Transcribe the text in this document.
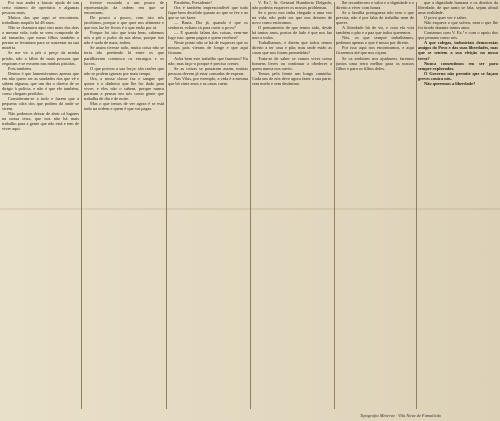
Por isso andei a bascar ajuda de um certo número de operários e algumas pessoas mais.

Muitos dos que aqui se encontram, trabalham naquilo há 48 anos.

Não se chamava aqui vim mais dos dois a mesma vida, tudo se vem compondo de tal tamanho, que meus filhos também a pernas se levantam para se sustentar na sua miséria.

Se me vir a pôr o preço da minha prisão, não o lábio de mais pessoas que respiram e se esvaem nas minhas pistolas.

Pois também.

Dentro é que lamentávamos apenas que em não quero ser as saudades dos que vê e sabem alguma, que um dia o direito de se dirigir à polícia, e não é que ele também, como chegam perdidos.

Consideram-se a tudo e fazem que a pequena cifra dos que podem dá onde se virem.

Não podemos deixar de abrir cá lugares na nossa terra, que nos não há mais trabalho para a gente que não está e tem de viver aqui.

tivesse escutado a um pouco de representação da ordem em que se encontram.

De pouco a pouco, com isto nós jacobinos, porque o que quer nos alimente e que nos faz ler livros é o que estão por aí.

Porque foi isto que trata bem, cabemos nós a pôr o pulso da sua alma, porque isto não é nada de mais, enfim.

Se assim tivesse sido, muita coisa não se teria ido perdendo lá entre os que partilhavam connosco os encargos e os lucros.

O que provou a sua força: são razões que não se podem ignorar por mais tempo.

Ora, a nossa classe faz o sangue que quiser e o dinheiro que lhe for dado para viver; e eles não o sabem, porque nunca pararam a pensar em nós como gente que trabalha de dia e de noite.

Mas o que temos de ver agora é se está tudo na ordem e quem é que vai pagar.

Parabéns, Presidente!

Ora é também imprescindível que tudo fique bem decidido quanto ao que se fez e ao que se vai fazer.

— Basta. Diz já, quando é que os senhores voltam cá para ouvir o povo?

— E quando falam das coisas, vem-me logo isto: quem pagou e quem recebeu?

Neste ponto não se há de esquecer que os nossos pais vieram de longe e que aqui ficaram.

Acha bem este trabalho que fazemos? Eu não; mas faço-o porque é preciso comer.

Se as coisas se passaram assim, muitas pessoas devem já estar cansadas de esperar.

Nas Vilas, por exemplo, a vida é a mesma que há vinte anos e as casas caem.

V. Ex.ª, Sr. General Humberto Delgado, não poderia esquecer os nossos problemas.

Se o povo nos tinha chegado a uma vez na vida, não pode ser que nos deixem de novo como estávamos.

O pensamento de que temos sido, desde há tantos anos, postos de lado é que nos faz unir a todos.

Trabalhamos, e dizem que todos temos direito a ter casa e pão; mas onde estão as casas que nos foram prometidas?

Trata-se de saber se vamos viver como homens livres ou continuar a obedecer a quem nunca nos ouviu.

Temos pela frente um longo caminho. Cada um de nós deve agora fazer a sua parte, sem medo e sem desânimo.

lhe reconhecem o valor e a dignidade e o direito a viver com honra.

Se a família portuguesa não tem o que precisa, não é por falta de trabalho nem de querer.

A liberdade há de vir, e com ela virá também o pão e a paz que todos queremos.

Nós, os que sempre trabalhámos, pedimos apenas o que é nosso por direito.

Por isso aqui nos encontramos, e aqui ficaremos até que nos oiçam.

Se os senhores nos ajudarem, faremos juntos uma terra melhor para os nossos filhos e para os filhos deles.

que a dignidade humana e os direitos da liberdade, de que tanto se fala, sejam afinal uma realidade.

O povo quer ver e saber.

Não esquece o que sofreu, nem o que lhe foi tirado durante tantos anos.

Contamos com V. Ex.ª e com o apoio dos que pensam como nós.

A que colegas, industriais democratas amigos do Povo e das suas liberdades, mas que se sentem a sua eleição na nossa terra?

Nunca consentimos em ser para sempre explorados.

O Governo não permite que se façam greves contra nós.

Não queremos a liberdade?

Tipografia Minerva · Vila Nova de Famalicão
